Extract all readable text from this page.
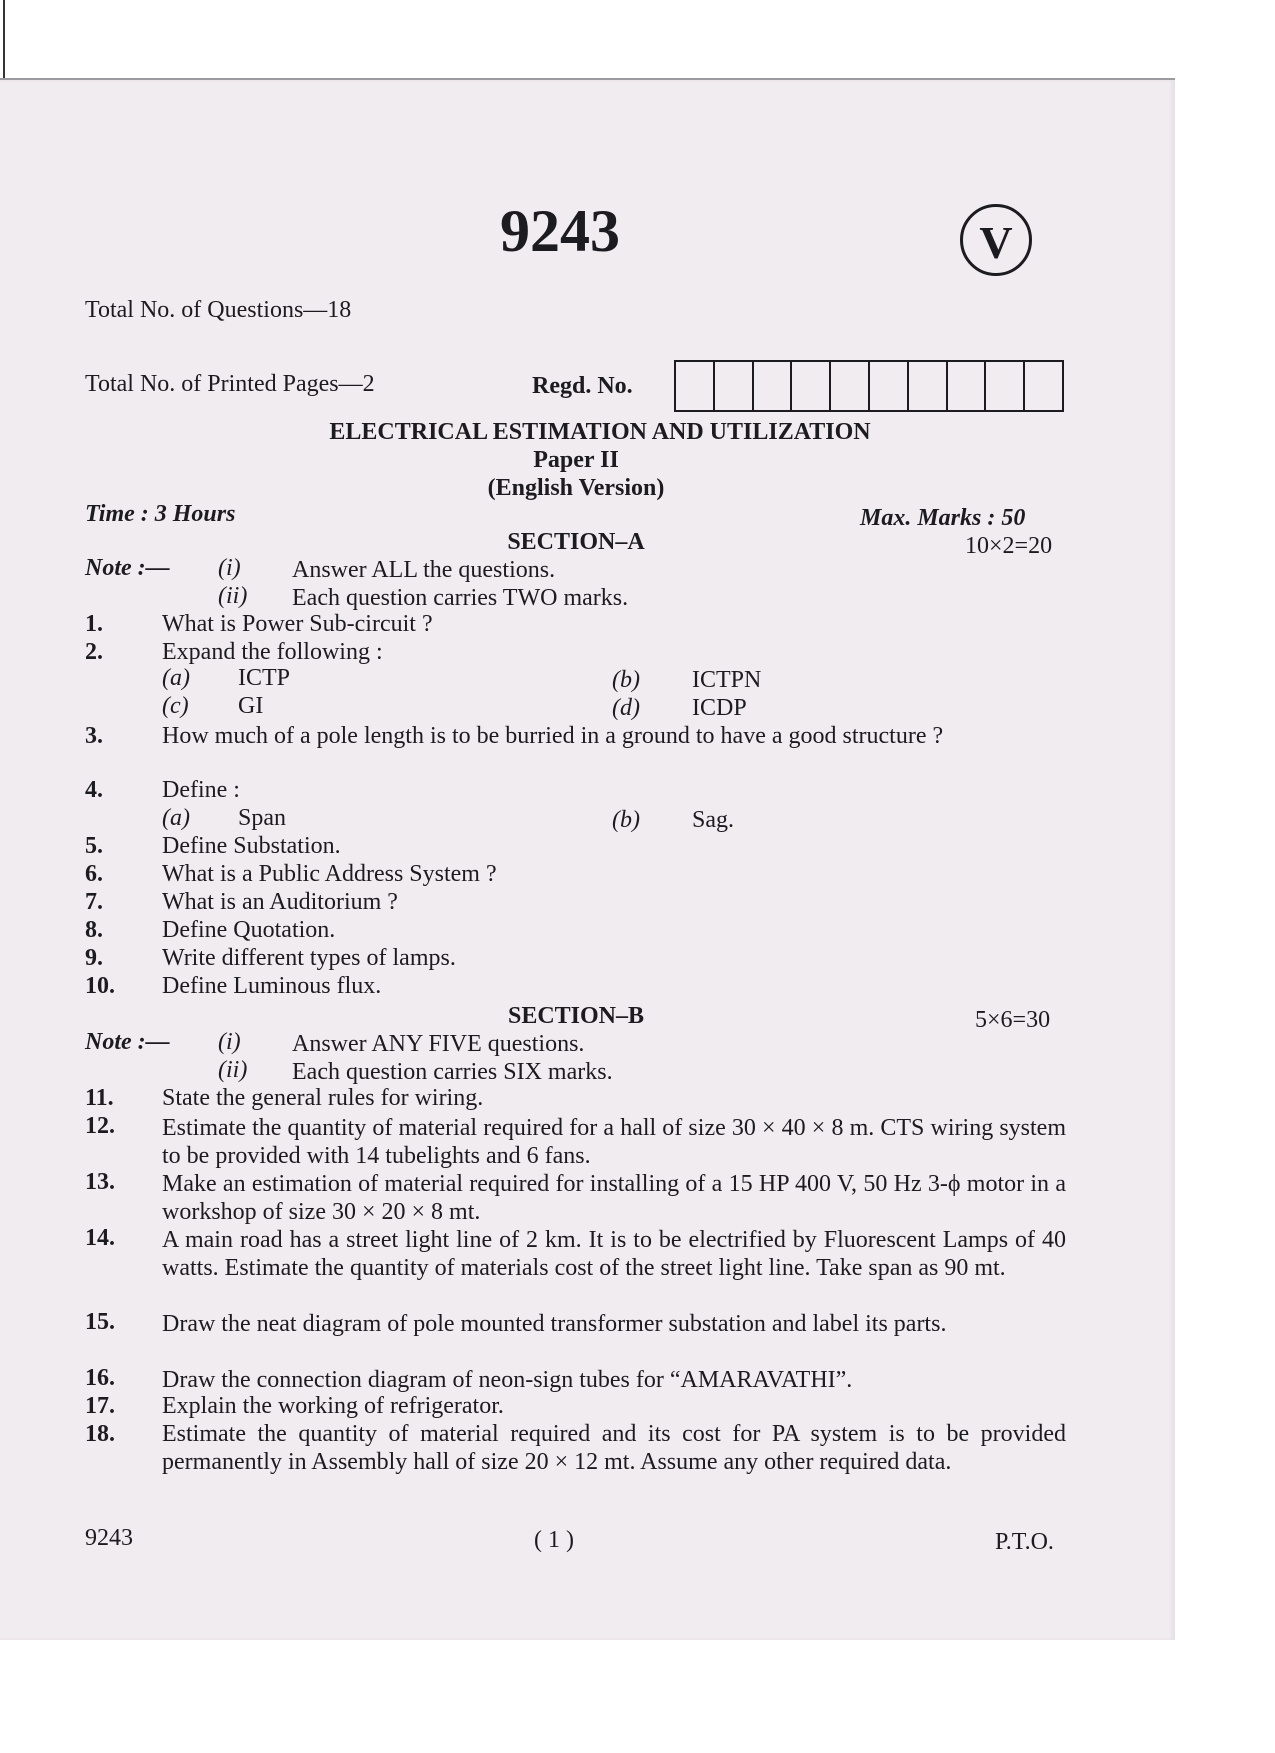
9243	V
Total No. of Questions—18
Total No. of Printed Pages—2	Regd. No.
ELECTRICAL ESTIMATION AND UTILIZATION
Paper II
(English Version)
Time : 3 Hours	Max. Marks : 50
SECTION–A	10×2=20
Note :— (i) Answer ALL the questions.
(ii) Each question carries TWO marks.
1. What is Power Sub-circuit ?
2. Expand the following :
(a) ICTP	(b) ICTPN
(c) GI	(d) ICDP
3. How much of a pole length is to be burried in a ground to have a good structure ?
4. Define :
(a) Span	(b) Sag.
5. Define Substation.
6. What is a Public Address System ?
7. What is an Auditorium ?
8. Define Quotation.
9. Write different types of lamps.
10. Define Luminous flux.
SECTION–B	5×6=30
Note :— (i) Answer ANY FIVE questions.
(ii) Each question carries SIX marks.
11. State the general rules for wiring.
12. Estimate the quantity of material required for a hall of size 30 × 40 × 8 m. CTS wiring system to be provided with 14 tubelights and 6 fans.
13. Make an estimation of material required for installing of a 15 HP 400 V, 50 Hz 3-ϕ motor in a workshop of size 30 × 20 × 8 mt.
14. A main road has a street light line of 2 km. It is to be electrified by Fluorescent Lamps of 40 watts. Estimate the quantity of materials cost of the street light line. Take span as 90 mt.
15. Draw the neat diagram of pole mounted transformer substation and label its parts.
16. Draw the connection diagram of neon-sign tubes for “AMARAVATHI”.
17. Explain the working of refrigerator.
18. Estimate the quantity of material required and its cost for PA system is to be provided permanently in Assembly hall of size 20 × 12 mt. Assume any other required data.
9243	( 1 )	P.T.O.
